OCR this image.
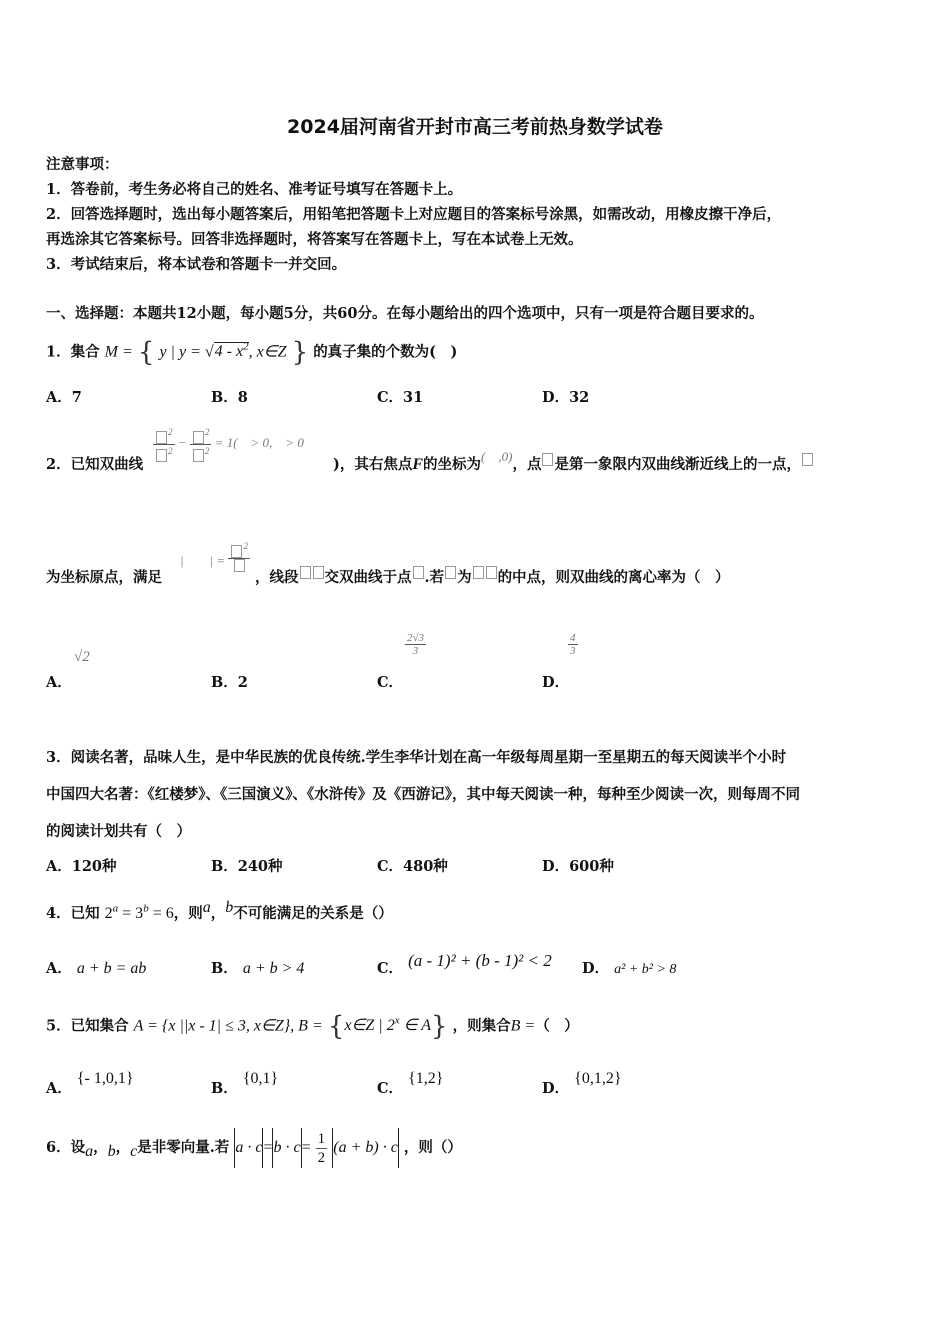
2024届河南省开封市高三考前热身数学试卷
注意事项：
1．答卷前，考生务必将自己的姓名、准考证号填写在答题卡上。
2．回答选择题时，选出每小题答案后，用铅笔把答题卡上对应题目的答案标号涂黑，如需改动，用橡皮擦干净后，
再选涂其它答案标号。回答非选择题时，将答案写在答题卡上，写在本试卷上无效。
3．考试结束后，将本试卷和答题卡一并交回。
一、选择题：本题共12小题，每小题5分，共60分。在每小题给出的四个选项中，只有一项是符合题目要求的。
1．集合 M = { y | $y = √4 - x^2$, x∈Z } 的真子集的个数为(　)
A．7	B．8	C．31	D．32
2．已知双曲线
$\frac{^2}{^2} - \frac{^2}{^2} = 1$(　> 0,　> 0
)，其右焦点F的坐标为(　,0)，点 是第一象限内双曲线渐近线上的一点，
为坐标原点，满足
|　　| =
$^2$
，线段 交双曲线于点 .若 为 的中点，则双曲线的离心率为（　）
A．
√2
B．2	C．
$\frac{2√3}{3}$
D．
$\frac{4}{3}$
3．阅读名著，品味人生，是中华民族的优良传统.学生李华计划在高一年级每周星期一至星期五的每天阅读半个小时
中国四大名著：《红楼梦》、《三国演义》、《水浒传》及《西游记》，其中每天阅读一种，每种至少阅读一次，则每周不同
的阅读计划共有（　）
A．120种	B．240种	C．480种	D．600种
4．已知 $2^a = 3^b = 6$，则$^a$，$^b$不可能满足的关系是（）
A． a + b = ab	B． a + b > 4	C． (a - 1)² + (b - 1)² < 2 D． a² + b² > 8
5．已知集合 A = {x ||x - 1| ≤ 3, x∈Z}, B = {x∈Z | 2$^x$ ∈ A} ，则集合B =（　）
A． {- 1,0,1}
B． {0,1}
C． {1,2}
D． {0,1,2}
6．设$_a$，$_b$，$_c$是非零向量.若 $a \cdot c=b \cdot c= \frac{1}{2} (a + b) \cdot c$ ，则（）
